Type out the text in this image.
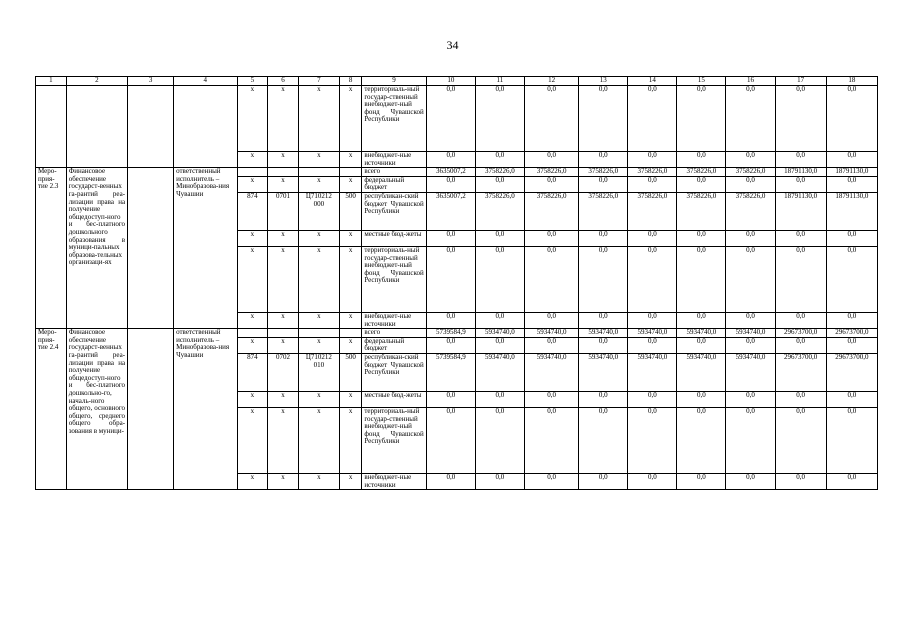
34
1	2	3	4	5	6	7	8	9	10	11	12	13	14	15	16	17	18
				x	x	x	x	территориаль-ный государ-ственный внебюджет-ный фонд Чувашской Республики	0,0	0,0	0,0	0,0	0,0	0,0	0,0	0,0	0,0
				x	x	x	x	внебюджет-ные источники	0,0	0,0	0,0	0,0	0,0	0,0	0,0	0,0	0,0
Меро-прия-тие 2.3	Финансовое обеспечение государст-венных га-рантий реа-лизации права на получение общедоступ-ного и бес-платного дошкольного образования в муници-пальных образова-тельных организаци-ях		ответственный исполнитель – Минобразова-ния Чувашии					всего	3635007,2	3758226,0	3758226,0	3758226,0	3758226,0	3758226,0	3758226,0	18791130,0	18791130,0
				x	x	x	x	федеральный бюджет	0,0	0,0	0,0	0,0	0,0	0,0	0,0	0,0	0,0
				874	0701	Ц710212 000	500	республикан-ский бюджет Чувашской Республики	3635007,2	3758226,0	3758226,0	3758226,0	3758226,0	3758226,0	3758226,0	18791130,0	18791130,0
				x	x	x	x	местные бюд-жеты	0,0	0,0	0,0	0,0	0,0	0,0	0,0	0,0	0,0
				x	x	x	x	территориаль-ный государ-ственный внебюджет-ный фонд Чувашской Республики	0,0	0,0	0,0	0,0	0,0	0,0	0,0	0,0	0,0
				x	x	x	x	внебюджет-ные источники	0,0	0,0	0,0	0,0	0,0	0,0	0,0	0,0	0,0
Меро-прия-тие 2.4	Финансовое обеспечение государст-венных га-рантий реа-лизации права на получение общедоступ-ного и бес-платного дошкольно-го, началь-ного общего, основного общего, среднего общего обра-зования в муници-		ответственный исполнитель – Минобразова-ния Чувашии					всего	5739584,9	5934740,0	5934740,0	5934740,0	5934740,0	5934740,0	5934740,0	29673700,0	29673700,0
				x	x	x	x	федеральный бюджет	0,0	0,0	0,0	0,0	0,0	0,0	0,0	0,0	0,0
				874	0702	Ц710212 010	500	республикан-ский бюджет Чувашской Республики	5739584,9	5934740,0	5934740,0	5934740,0	5934740,0	5934740,0	5934740,0	29673700,0	29673700,0
				x	x	x	x	местные бюд-жеты	0,0	0,0	0,0	0,0	0,0	0,0	0,0	0,0	0,0
				x	x	x	x	территориаль-ный государ-ственный внебюджет-ный фонд Чувашской Республики	0,0	0,0	0,0	0,0	0,0	0,0	0,0	0,0	0,0
				x	x	x	x	внебюджет-ные источники	0,0	0,0	0,0	0,0	0,0	0,0	0,0	0,0	0,0
